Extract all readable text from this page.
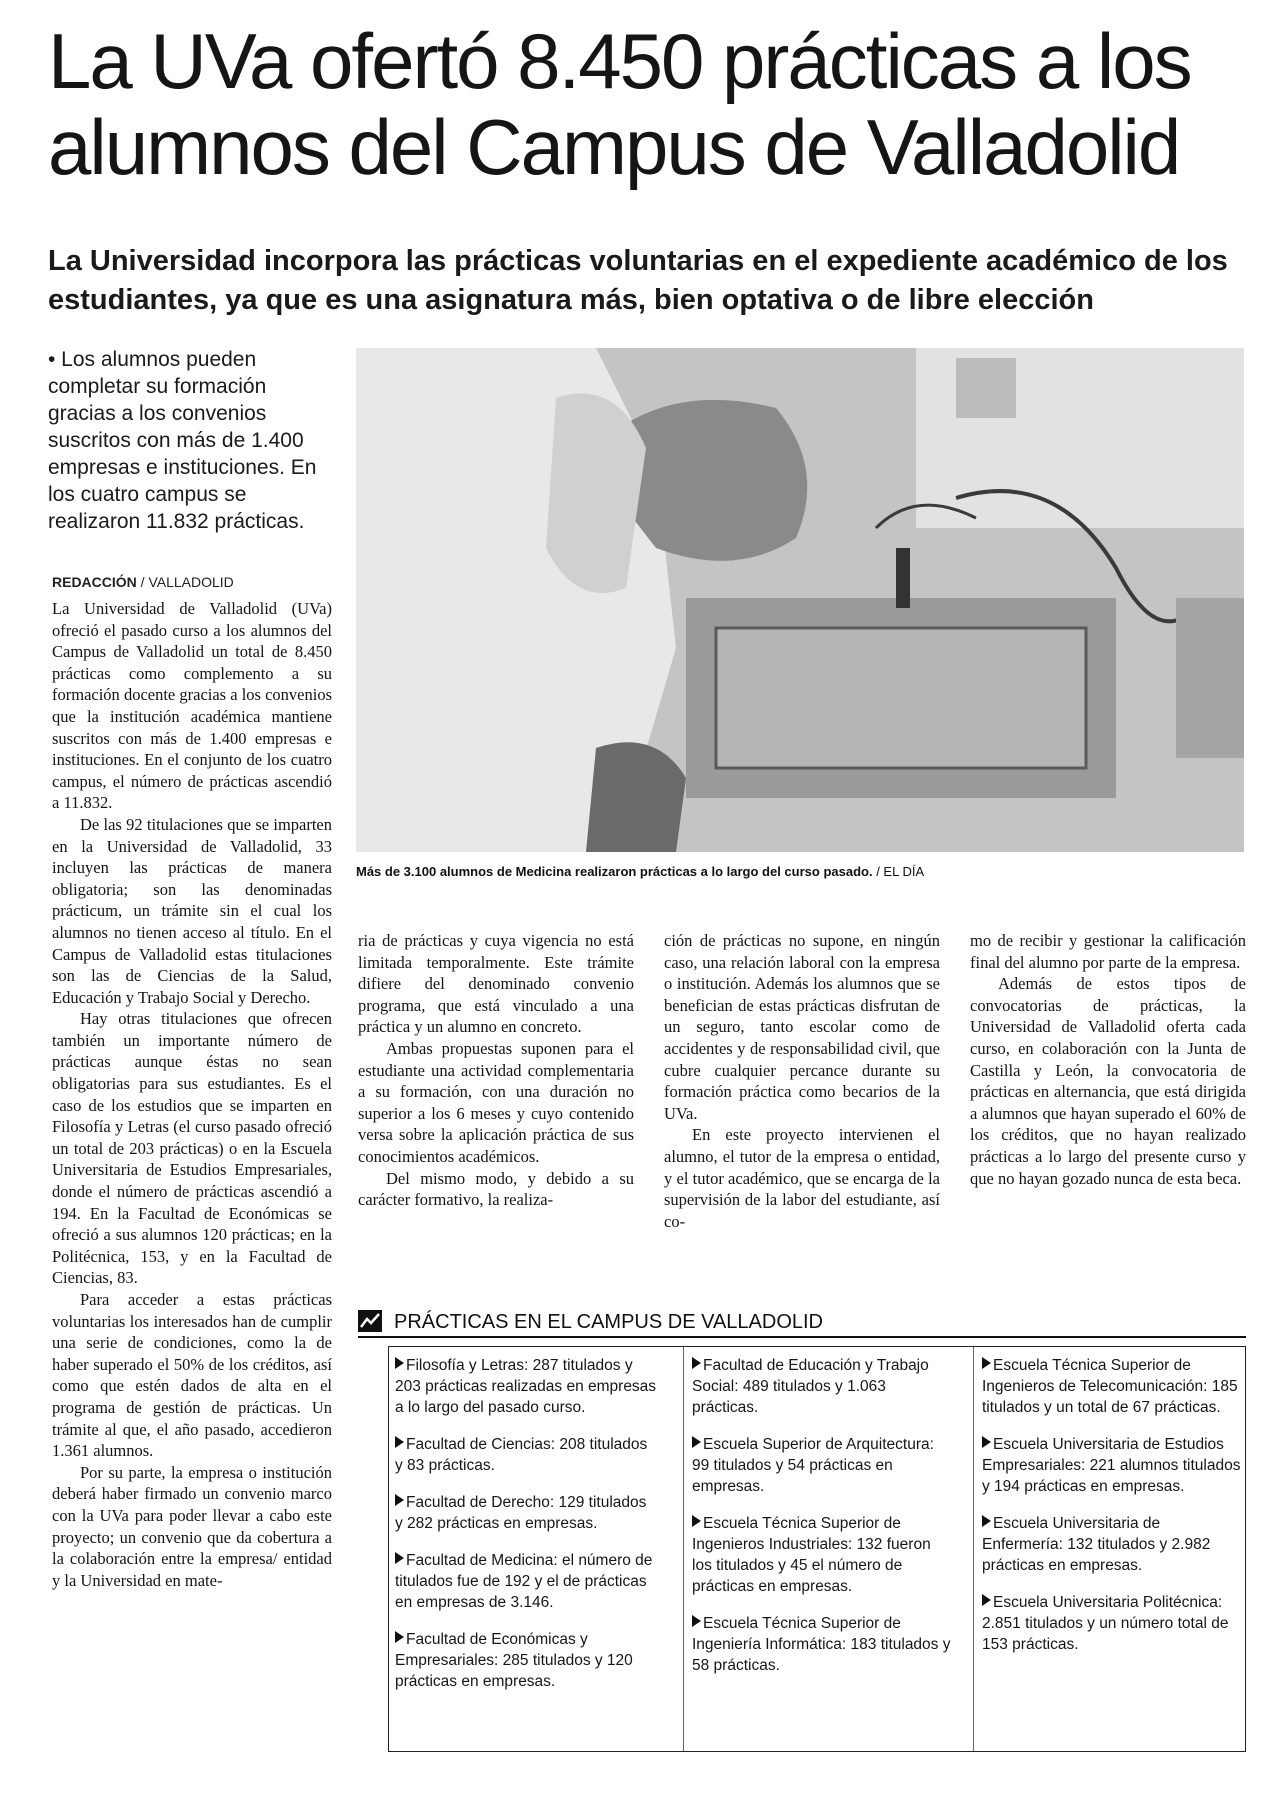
La UVa ofertó 8.450 prácticas a los
alumnos del Campus de Valladolid

La Universidad incorpora las prácticas voluntarias en el expediente académico de los estudiantes, ya que es una asignatura más, bien optativa o de libre elección

• Los alumnos pueden completar su formación gracias a los convenios suscritos con más de 1.400 empresas e instituciones. En los cuatro campus se realizaron 11.832 prácticas.
REDACCIÓN / VALLADOLID

La Universidad de Valladolid (UVa) ofreció el pasado curso a los alumnos del Campus de Valladolid un total de 8.450 prácticas como complemento a su formación docente gracias a los convenios que la institución académica mantiene suscritos con más de 1.400 empresas e instituciones. En el conjunto de los cuatro campus, el número de prácticas ascendió a 11.832.

De las 92 titulaciones que se imparten en la Universidad de Valladolid, 33 incluyen las prácticas de manera obligatoria; son las denominadas prácticum, un trámite sin el cual los alumnos no tienen acceso al título. En el Campus de Valladolid estas titulaciones son las de Ciencias de la Salud, Educación y Trabajo Social y Derecho.

Hay otras titulaciones que ofrecen también un importante número de prácticas aunque éstas no sean obligatorias para sus estudiantes. Es el caso de los estudios que se imparten en Filosofía y Letras (el curso pasado ofreció un total de 203 prácticas) o en la Escuela Universitaria de Estudios Empresariales, donde el número de prácticas ascendió a 194. En la Facultad de Económicas se ofreció a sus alumnos 120 prácticas; en la Politécnica, 153, y en la Facultad de Ciencias, 83.

Para acceder a estas prácticas voluntarias los interesados han de cumplir una serie de condiciones, como la de haber superado el 50% de los créditos, así como que estén dados de alta en el programa de gestión de prácticas. Un trámite al que, el año pasado, accedieron 1.361 alumnos.

Por su parte, la empresa o institución deberá haber firmado un convenio marco con la UVa para poder llevar a cabo este proyecto; un convenio que da cobertura a la colaboración entre la empresa/ entidad y la Universidad en mate-

Más de 3.100 alumnos de Medicina realizaron prácticas a lo largo del curso pasado. / EL DÍA

ria de prácticas y cuya vigencia no está limitada temporalmente. Este trámite difiere del denominado convenio programa, que está vinculado a una práctica y un alumno en concreto.

Ambas propuestas suponen para el estudiante una actividad complementaria a su formación, con una duración no superior a los 6 meses y cuyo contenido versa sobre la aplicación práctica de sus conocimientos académicos.

Del mismo modo, y debido a su carácter formativo, la realiza-

ción de prácticas no supone, en ningún caso, una relación laboral con la empresa o institución. Además los alumnos que se benefician de estas prácticas disfrutan de un seguro, tanto escolar como de accidentes y de responsabilidad civil, que cubre cualquier percance durante su formación práctica como becarios de la UVa.

En este proyecto intervienen el alumno, el tutor de la empresa o entidad, y el tutor académico, que se encarga de la supervisión de la labor del estudiante, así co-

mo de recibir y gestionar la calificación final del alumno por parte de la empresa.

Además de estos tipos de convocatorias de prácticas, la Universidad de Valladolid oferta cada curso, en colaboración con la Junta de Castilla y León, la convocatoria de prácticas en alternancia, que está dirigida a alumnos que hayan superado el 60% de los créditos, que no hayan realizado prácticas a lo largo del presente curso y que no hayan gozado nunca de esta beca.

PRÁCTICAS EN EL CAMPUS DE VALLADOLID
Filosofía y Letras: 287 titulados y 203 prácticas realizadas en empresas a lo largo del pasado curso.
Facultad de Ciencias: 208 titulados y 83 prácticas.
Facultad de Derecho: 129 titulados y 282 prácticas en empresas.
Facultad de Medicina: el número de titulados fue de 192 y el de prácticas en empresas de 3.146.
Facultad de Económicas y Empresariales: 285 titulados y 120 prácticas en empresas.
Facultad de Educación y Trabajo Social: 489 titulados y 1.063 prácticas.
Escuela Superior de Arquitectura: 99 titulados y 54 prácticas en empresas.
Escuela Técnica Superior de Ingenieros Industriales: 132 fueron los titulados y 45 el número de prácticas en empresas.
Escuela Técnica Superior de Ingeniería Informática: 183 titulados y 58 prácticas.
Escuela Técnica Superior de Ingenieros de Telecomunicación: 185 titulados y un total de 67 prácticas.
Escuela Universitaria de Estudios Empresariales: 221 alumnos titulados y 194 prácticas en empresas.
Escuela Universitaria de Enfermería: 132 titulados y 2.982 prácticas en empresas.
Escuela Universitaria Politécnica: 2.851 titulados y un número total de 153 prácticas.
